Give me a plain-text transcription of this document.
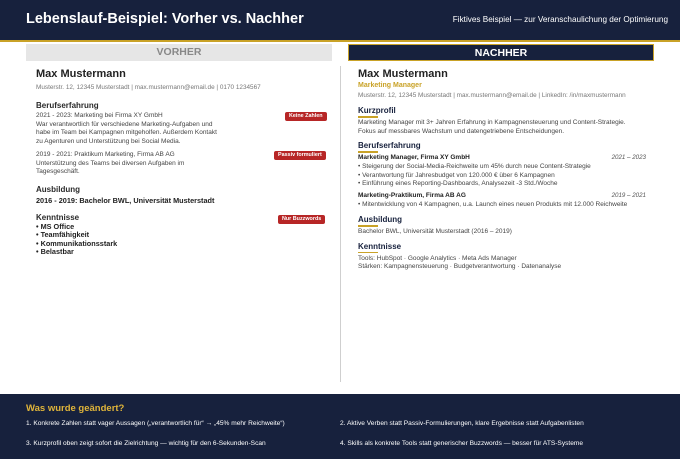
Lebenslauf-Beispiel: Vorher vs. Nachher	Fiktives Beispiel — zur Veranschaulichung der Optimierung
VORHER	NACHHER
Max Mustermann
Musterstr. 12, 12345 Musterstadt | max.mustermann@email.de | 0170 1234567
Berufserfahrung
2021 - 2023: Marketing bei Firma XY GmbH
War verantwortlich für verschiedene Marketing-Aufgaben und
habe im Team bei Kampagnen mitgeholfen. Außerdem Kontakt
zu Agenturen und Unterstützung bei Social Media.
Keine Zahlen
2019 - 2021: Praktikum Marketing, Firma AB AG
Unterstützung des Teams bei diversen Aufgaben im
Tagesgeschäft.
Passiv formuliert
Ausbildung
2016 - 2019: Bachelor BWL, Universität Musterstadt
Kenntnisse
• MS Office
• Teamfähigkeit
• Kommunikationsstark
• Belastbar
Nur Buzzwords
Max Mustermann
Marketing Manager
Musterstr. 12, 12345 Musterstadt | max.mustermann@email.de | LinkedIn: /in/maxmustermann
Kurzprofil
Marketing Manager mit 3+ Jahren Erfahrung in Kampagnensteuerung und Content-Strategie.
Fokus auf messbares Wachstum und datengetriebene Entscheidungen.
Berufserfahrung
Marketing Manager, Firma XY GmbH	2021 – 2023
• Steigerung der Social-Media-Reichweite um 45% durch neue Content-Strategie
• Verantwortung für Jahresbudget von 120.000 € über 6 Kampagnen
• Einführung eines Reporting-Dashboards, Analysezeit -3 Std./Woche
Marketing-Praktikum, Firma AB AG	2019 – 2021
• Mitentwicklung von 4 Kampagnen, u.a. Launch eines neuen Produkts mit 12.000 Reichweite
Ausbildung
Bachelor BWL, Universität Musterstadt (2016 – 2019)
Kenntnisse
Tools: HubSpot · Google Analytics · Meta Ads Manager
Stärken: Kampagnensteuerung · Budgetverantwortung · Datenanalyse
Was wurde geändert?
1. Konkrete Zahlen statt vager Aussagen („verantwortlich für“ → „45% mehr Reichweite“)	2. Aktive Verben statt Passiv-Formulierungen, klare Ergebnisse statt Aufgabenlisten
3. Kurzprofil oben zeigt sofort die Zielrichtung — wichtig für den 6-Sekunden-Scan	4. Skills als konkrete Tools statt generischer Buzzwords — besser für ATS-Systeme
